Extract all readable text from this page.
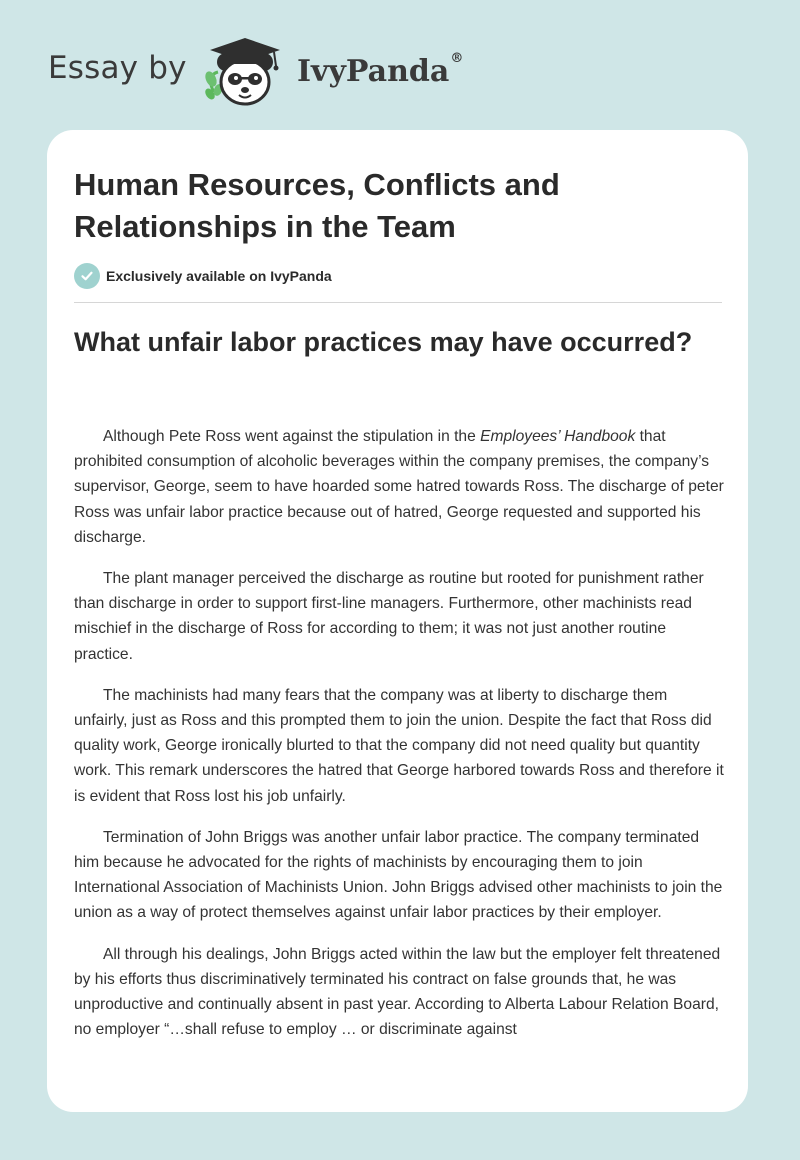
Essay by	IvyPanda®
Human Resources, Conflicts and Relationships in the Team
Exclusively available on IvyPanda
What unfair labor practices may have occurred?

Although Pete Ross went against the stipulation in the Employees’ Handbook that prohibited consumption of alcoholic beverages within the company premises, the company’s supervisor, George, seem to have hoarded some hatred towards Ross. The discharge of peter Ross was unfair labor practice because out of hatred, George requested and supported his discharge.

The plant manager perceived the discharge as routine but rooted for punishment rather than discharge in order to support first-line managers. Furthermore, other machinists read mischief in the discharge of Ross for according to them; it was not just another routine practice.

The machinists had many fears that the company was at liberty to discharge them unfairly, just as Ross and this prompted them to join the union. Despite the fact that Ross did quality work, George ironically blurted to that the company did not need quality but quantity work. This remark underscores the hatred that George harbored towards Ross and therefore it is evident that Ross lost his job unfairly.

Termination of John Briggs was another unfair labor practice. The company terminated him because he advocated for the rights of machinists by encouraging them to join International Association of Machinists Union. John Briggs advised other machinists to join the union as a way of protect themselves against unfair labor practices by their employer.

All through his dealings, John Briggs acted within the law but the employer felt threatened by his efforts thus discriminatively terminated his contract on false grounds that, he was unproductive and continually absent in past year. According to Alberta Labour Relation Board, no employer “…shall refuse to employ … or discriminate against
